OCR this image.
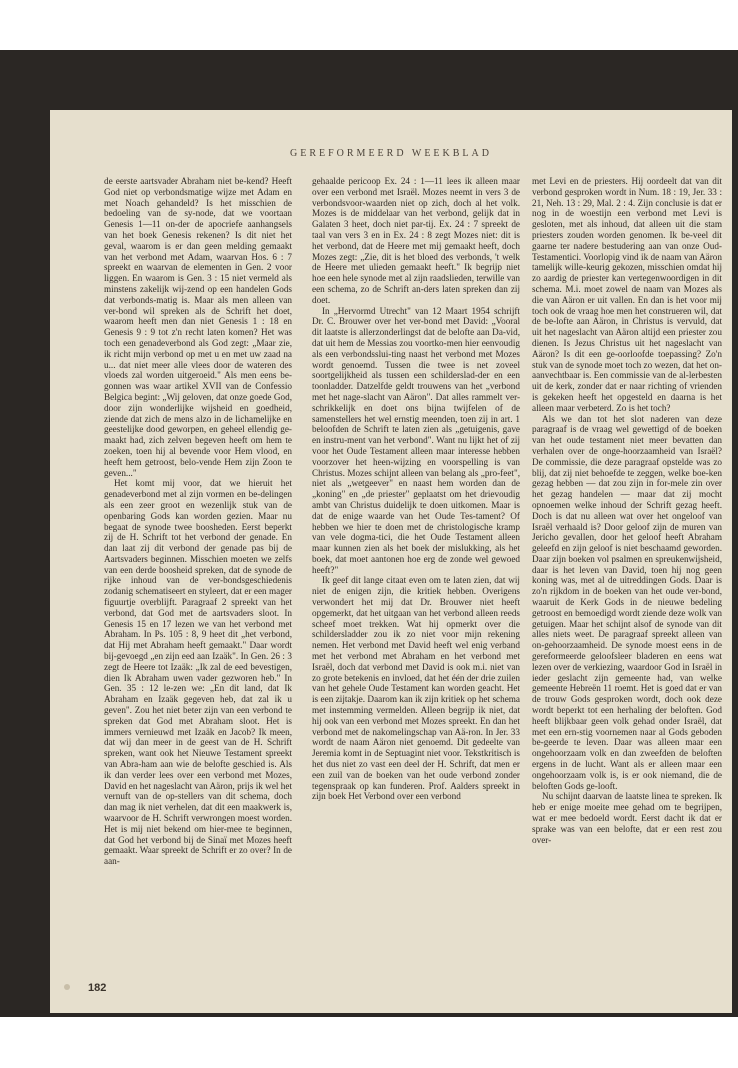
GEREFORMEERD WEEKBLAD

de eerste aartsvader Abraham niet be-kend? Heeft God niet op verbondsmatige wijze met Adam en met Noach gehandeld? Is het misschien de bedoeling van de sy-node, dat we voortaan Genesis 1—11 on-der de apocriefe aanhangsels van het boek Genesis rekenen? Is dit niet het geval, waarom is er dan geen melding gemaakt van het verbond met Adam, waarvan Hos. 6 : 7 spreekt en waarvan de elementen in Gen. 2 voor liggen. En waarom is Gen. 3 : 15 niet vermeld als minstens zakelijk wij-zend op een handelen Gods dat verbonds-matig is. Maar als men alleen van ver-bond wil spreken als de Schrift het doet, waarom heeft men dan niet Genesis 1 : 18 en Genesis 9 : 9 tot z'n recht laten komen? Het was toch een genadeverbond als God zegt: „Maar zie, ik richt mijn verbond op met u en met uw zaad na u... dat niet meer alle vlees door de wateren des vloeds zal worden uitgeroeid." Als men eens be-gonnen was waar artikel XVII van de Confessio Belgica begint: „Wij geloven, dat onze goede God, door zijn wonderlijke wijsheid en goedheid, ziende dat zich de mens alzo in de lichamelijke en geestelijke dood geworpen, en geheel ellendig ge-maakt had, zich zelven begeven heeft om hem te zoeken, toen hij al bevende voor Hem vlood, en heeft hem getroost, belo-vende Hem zijn Zoon te geven..."

Het komt mij voor, dat we hieruit het genadeverbond met al zijn vormen en be-delingen als een zeer groot en wezenlijk stuk van de openbaring Gods kan worden gezien. Maar nu begaat de synode twee boosheden. Eerst beperkt zij de H. Schrift tot het verbond der genade. En dan laat zij dit verbond der genade pas bij de Aartsvaders beginnen. Misschien moeten we zelfs van een derde boosheid spreken, dat de synode de rijke inhoud van de ver-bondsgeschiedenis zodanig schematiseert en styleert, dat er een mager figuurtje overblijft. Paragraaf 2 spreekt van het verbond, dat God met de aartsvaders sloot. In Genesis 15 en 17 lezen we van het verbond met Abraham. In Ps. 105 : 8, 9 heet dit „het verbond, dat Hij met Abraham heeft gemaakt." Daar wordt bij-gevoegd „en zijn eed aan Izaäk". In Gen. 26 : 3 zegt de Heere tot Izaäk: „Ik zal de eed bevestigen, dien Ik Abraham uwen vader gezworen heb." In Gen. 35 : 12 le-zen we: „En dit land, dat Ik Abraham en Izaäk gegeven heb, dat zal ik u geven". Zou het niet beter zijn van een verbond te spreken dat God met Abraham sloot. Het is immers vernieuwd met Izaäk en Jacob? Ik meen, dat wij dan meer in de geest van de H. Schrift spreken, want ook het Nieuwe Testament spreekt van Abra-ham aan wie de belofte geschied is. Als ik dan verder lees over een verbond met Mozes, David en het nageslacht van Aäron, prijs ik wel het vernuft van de op-stellers van dit schema, doch dan mag ik niet verhelen, dat dit een maakwerk is, waarvoor de H. Schrift verwrongen moest worden. Het is mij niet bekend om hier-mee te beginnen, dat God het verbond bij de Sinaï met Mozes heeft gemaakt. Waar spreekt de Schrift er zo over? In de aan-

gehaalde pericoop Ex. 24 : 1—11 lees ik alleen maar over een verbond met Israël. Mozes neemt in vers 3 de verbondsvoor-waarden niet op zich, doch al het volk. Mozes is de middelaar van het verbond, gelijk dat in Galaten 3 heet, doch niet par-tij. Ex. 24 : 7 spreekt de taal van vers 3 en in Ex. 24 : 8 zegt Mozes niet: dit is het verbond, dat de Heere met mij gemaakt heeft, doch Mozes zegt: „Zie, dit is het bloed des verbonds, 't welk de Heere met ulieden gemaakt heeft." Ik begrijp niet hoe een hele synode met al zijn raadslieden, terwille van een schema, zo de Schrift an-ders laten spreken dan zij doet.

In „Hervormd Utrecht" van 12 Maart 1954 schrijft Dr. C. Brouwer over het ver-bond met David: „Vooral dit laatste is allerzonderlingst dat de belofte aan Da-vid, dat uit hem de Messias zou voortko-men hier eenvoudig als een verbondsslui-ting naast het verbond met Mozes wordt genoemd. Tussen die twee is net zoveel soortgelijkheid als tussen een schilderslad-der en een toonladder. Datzelfde geldt trouwens van het „verbond met het nage-slacht van Aäron". Dat alles rammelt ver-schrikkelijk en doet ons bijna twijfelen of de samenstellers het wel ernstig meenden, toen zij in art. 1 beloofden de Schrift te laten zien als „getuigenis, gave en instru-ment van het verbond". Want nu lijkt het of zij voor het Oude Testament alleen maar interesse hebben voorzover het heen-wijzing en voorspelling is van Christus. Mozes schijnt alleen van belang als „pro-feet", niet als „wetgeever" en naast hem worden dan de „koning" en „de priester" geplaatst om het drievoudig ambt van Christus duidelijk te doen uitkomen. Maar is dat de enige waarde van het Oude Tes-tament? Of hebben we hier te doen met de christologische kramp van vele dogma-tici, die het Oude Testament alleen maar kunnen zien als het boek der mislukking, als het boek, dat moet aantonen hoe erg de zonde wel gewoed heeft?"

Ik geef dit lange citaat even om te laten zien, dat wij niet de enigen zijn, die kritiek hebben. Overigens verwondert het mij dat Dr. Brouwer niet heeft opgemerkt, dat het uitgaan van het verbond alleen reeds scheef moet trekken. Wat hij opmerkt over die schildersladder zou ik zo niet voor mijn rekening nemen. Het verbond met David heeft wel enig verband met het verbond met Abraham en het verbond met Israël, doch dat verbond met David is ook m.i. niet van zo grote betekenis en invloed, dat het één der drie zuilen van het gehele Oude Testament kan worden geacht. Het is een zijtakje. Daarom kan ik zijn kritiek op het schema met instemming vermelden. Alleen begrijp ik niet, dat hij ook van een verbond met Mozes spreekt. En dan het verbond met de nakomelingschap van Aä-ron. In Jer. 33 wordt de naam Aäron niet genoemd. Dit gedeelte van Jeremia komt in de Septuagint niet voor. Tekstkritisch is het dus niet zo vast een deel der H. Schrift, dat men er een zuil van de boeken van het oude verbond zonder tegenspraak op kan funderen. Prof. Aalders spreekt in zijn boek Het Verbond over een verbond

met Levi en de priesters. Hij oordeelt dat van dit verbond gesproken wordt in Num. 18 : 19, Jer. 33 : 21, Neh. 13 : 29, Mal. 2 : 4. Zijn conclusie is dat er nog in de woestijn een verbond met Levi is gesloten, met als inhoud, dat alleen uit die stam priesters zouden worden genomen. Ik be-veel dit gaarne ter nadere bestudering aan van onze Oud-Testamentici. Voorlopig vind ik de naam van Aäron tamelijk wille-keurig gekozen, misschien omdat hij zo aardig de priester kan vertegenwoordigen in dit schema. M.i. moet zowel de naam van Mozes als die van Aäron er uit vallen. En dan is het voor mij toch ook de vraag hoe men het construeren wil, dat de be-lofte aan Aäron, in Christus is vervuld, dat uit het nageslacht van Aäron altijd een priester zou dienen. Is Jezus Christus uit het nageslacht van Aäron? Is dit een ge-oorloofde toepassing? Zo'n stuk van de synode moet toch zo wezen, dat het on-aanvechtbaar is. Een commissie van de al-lerbesten uit de kerk, zonder dat er naar richting of vrienden is gekeken heeft het opgesteld en daarna is het alleen maar verbeterd. Zo is het toch?

Als we dan tot het slot naderen van deze paragraaf is de vraag wel gewettigd of de boeken van het oude testament niet meer bevatten dan verhalen over de onge-hoorzaamheid van Israël? De commissie, die deze paragraaf opstelde was zo blij, dat zij niet behoefde te zeggen, welke boe-ken gezag hebben — dat zou zijn in for-mele zin over het gezag handelen — maar dat zij mocht opnoemen welke inhoud der Schrift gezag heeft. Doch is dat nu alleen wat over het ongeloof van Israël verhaald is? Door geloof zijn de muren van Jericho gevallen, door het geloof heeft Abraham geleefd en zijn geloof is niet beschaamd geworden. Daar zijn boeken vol psalmen en spreukenwijsheid, daar is het leven van David, toen hij nog geen koning was, met al de uitreddingen Gods. Daar is zo'n rijkdom in de boeken van het oude ver-bond, waaruit de Kerk Gods in de nieuwe bedeling getroost en bemoedigd wordt ziende deze wolk van getuigen. Maar het schijnt alsof de synode van dit alles niets weet. De paragraaf spreekt alleen van on-gehoorzaamheid. De synode moest eens in de gereformeerde geloofsleer bladeren en eens wat lezen over de verkiezing, waardoor God in Israël in ieder geslacht zijn gemeente had, van welke gemeente Hebreën 11 roemt. Het is goed dat er van de trouw Gods gesproken wordt, doch ook deze wordt beperkt tot een herhaling der beloften. God heeft blijkbaar geen volk gehad onder Israël, dat met een ern-stig voornemen naar al Gods geboden be-geerde te leven. Daar was alleen maar een ongehoorzaam volk en dan zweefden de beloften ergens in de lucht. Want als er alleen maar een ongehoorzaam volk is, is er ook niemand, die de beloften Gods ge-looft.

Nu schijnt daarvan de laatste linea te spreken. Ik heb er enige moeite mee gehad om te begrijpen, wat er mee bedoeld wordt. Eerst dacht ik dat er sprake was van een belofte, dat er een rest zou over-

182
